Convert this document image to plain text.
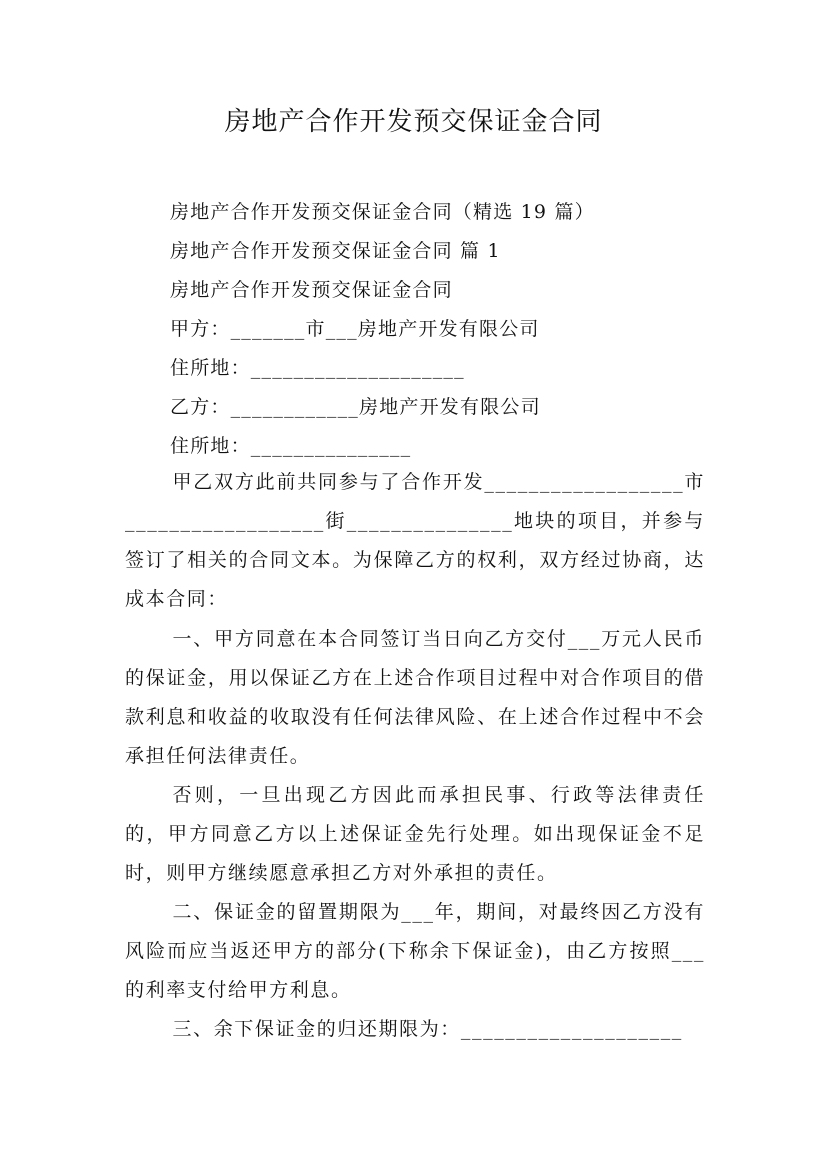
房地产合作开发预交保证金合同
房地产合作开发预交保证金合同（精选 19 篇）
房地产合作开发预交保证金合同 篇 1
房地产合作开发预交保证金合同
甲方：_______市___房地产开发有限公司
住所地：____________________
乙方：____________房地产开发有限公司
住所地：_______________

甲乙双方此前共同参与了合作开发__________________市__________________街_______________地块的项目，并参与签订了相关的合同文本。为保障乙方的权利，双方经过协商，达成本合同：

一、甲方同意在本合同签订当日向乙方交付___万元人民币的保证金，用以保证乙方在上述合作项目过程中对合作项目的借款利息和收益的收取没有任何法律风险、在上述合作过程中不会承担任何法律责任。

否则，一旦出现乙方因此而承担民事、行政等法律责任的，甲方同意乙方以上述保证金先行处理。如出现保证金不足时，则甲方继续愿意承担乙方对外承担的责任。

二、保证金的留置期限为___年，期间，对最终因乙方没有风险而应当返还甲方的部分(下称余下保证金)，由乙方按照___的利率支付给甲方利息。

三、余下保证金的归还期限为：____________________
